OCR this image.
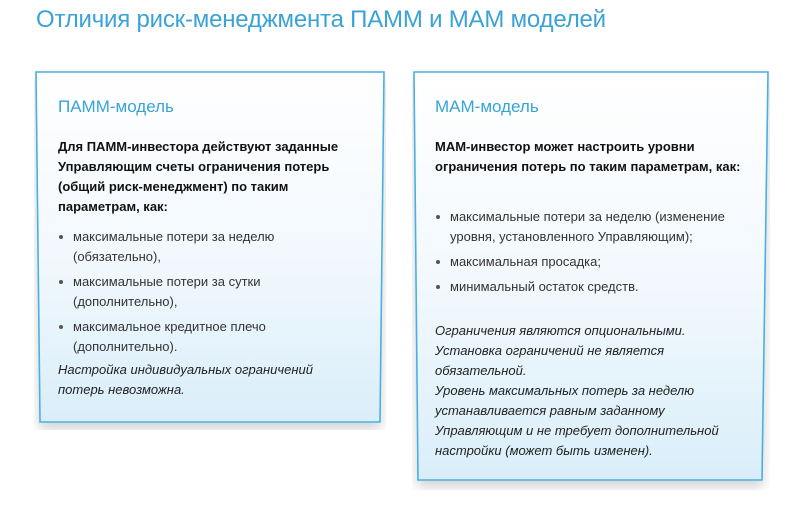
Отличия риск-менеджмента ПАММ и МАМ моделей
ПАММ-модель
Для ПАММ-инвестора действуют заданные Управляющим счеты ограничения потерь (общий риск-менеджмент) по таким параметрам, как:
максимальные потери за неделю (обязательно),
максимальные потери за сутки (дополнительно),
максимальное кредитное плечо (дополнительно).
Настройка индивидуальных ограничений потерь невозможна.
МАМ-модель
МАМ-инвестор может настроить уровни ограничения потерь по таким параметрам, как:
максимальные потери за неделю (изменение уровня, установленного Управляющим);
максимальная просадка;
минимальный остаток средств.
Ограничения являются опциональными. Установка ограничений не является обязательной.
Уровень максимальных потерь за неделю устанавливается равным заданному Управляющим и не требует дополнительной настройки (может быть изменен).
